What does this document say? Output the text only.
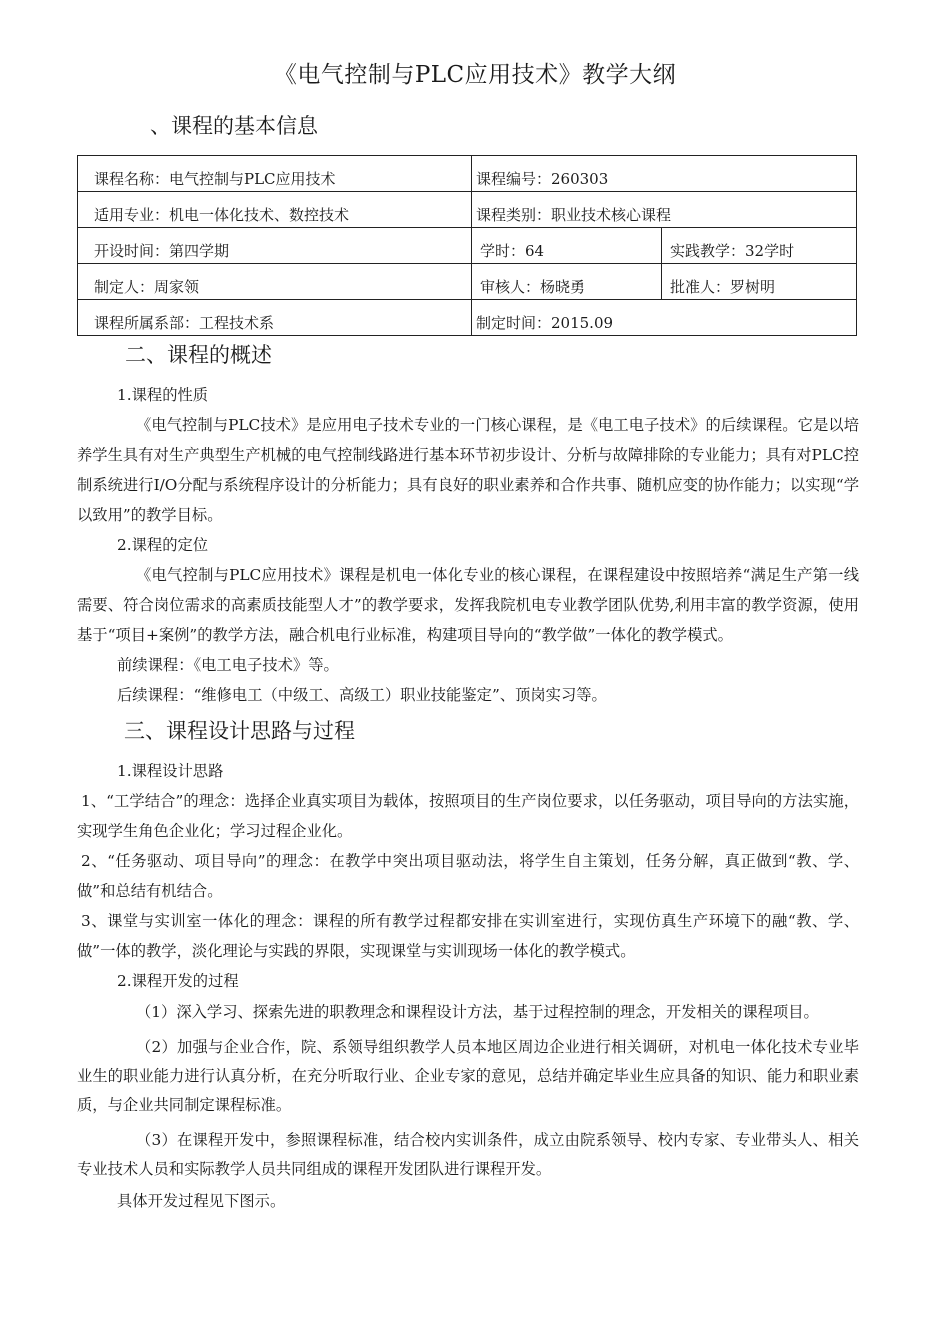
《电气控制与PLC应用技术》教学大纲
、课程的基本信息
课程名称：电气控制与PLC应用技术	课程编号：260303	
适用专业：机电一体化技术、数控技术	课程类别：职业技术核心课程	
开设时间：第四学期	学时：64	实践教学：32学时
制定人：周家领	审核人：杨晓勇	批准人：罗树明
课程所属系部：工程技术系	制定时间：2015.09	
二、课程的概述

1.课程的性质

《电气控制与PLC技术》是应用电子技术专业的一门核心课程，是《电工电子技术》的后续课程。它是以培养学生具有对生产典型生产机械的电气控制线路进行基本环节初步设计、分析与故障排除的专业能力；具有对PLC控制系统进行I/O分配与系统程序设计的分析能力；具有良好的职业素养和合作共事、随机应变的协作能力；以实现“学以致用”的教学目标。

2.课程的定位

《电气控制与PLC应用技术》课程是机电一体化专业的核心课程，在课程建设中按照培养“满足生产第一线需要、符合岗位需求的高素质技能型人才”的教学要求，发挥我院机电专业教学团队优势,利用丰富的教学资源，使用基于“项目+案例”的教学方法，融合机电行业标准，构建项目导向的“教学做”一体化的教学模式。

前续课程：《电工电子技术》等。

后续课程：“维修电工（中级工、高级工）职业技能鉴定”、顶岗实习等。

三、课程设计思路与过程

1.课程设计思路

1、“工学结合”的理念：选择企业真实项目为载体，按照项目的生产岗位要求，以任务驱动，项目导向的方法实施，实现学生角色企业化；学习过程企业化。

2、“任务驱动、项目导向”的理念：在教学中突出项目驱动法，将学生自主策划，任务分解，真正做到“教、学、做”和总结有机结合。

3、课堂与实训室一体化的理念：课程的所有教学过程都安排在实训室进行，实现仿真生产环境下的融“教、学、做”一体的教学，淡化理论与实践的界限，实现课堂与实训现场一体化的教学模式。

2.课程开发的过程

（1）深入学习、探索先进的职教理念和课程设计方法，基于过程控制的理念，开发相关的课程项目。

（2）加强与企业合作，院、系领导组织教学人员本地区周边企业进行相关调研，对机电一体化技术专业毕业生的职业能力进行认真分析，在充分听取行业、企业专家的意见，总结并确定毕业生应具备的知识、能力和职业素质，与企业共同制定课程标准。

（3）在课程开发中，参照课程标准，结合校内实训条件，成立由院系领导、校内专家、专业带头人、相关专业技术人员和实际教学人员共同组成的课程开发团队进行课程开发。

具体开发过程见下图示。
